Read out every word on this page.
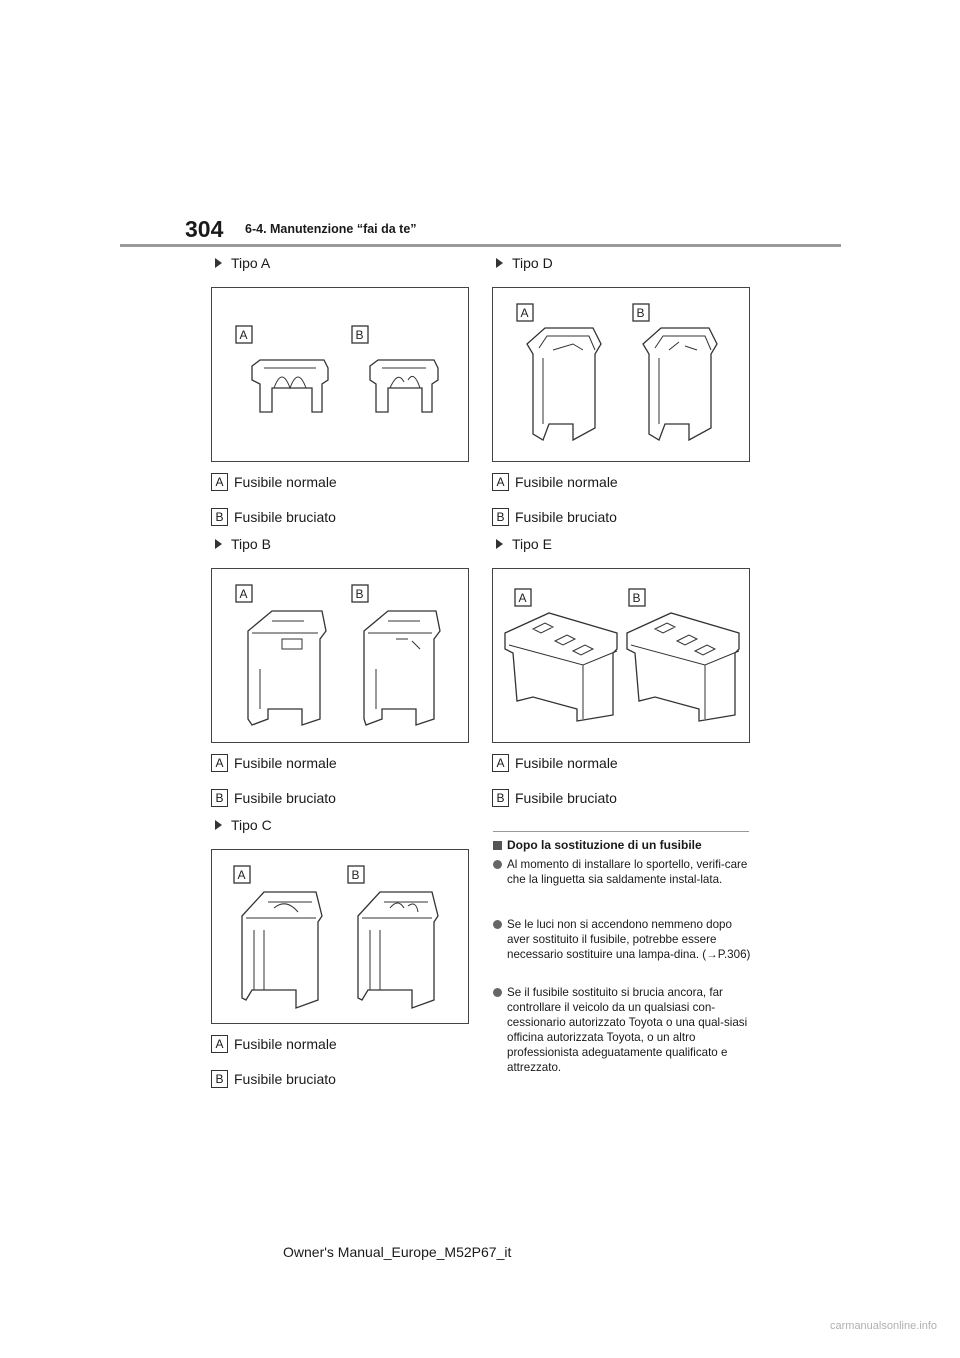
304 6-4. Manutenzione “fai da te”
Tipo A
A	B
A Fusibile normale
B Fusibile bruciato
Tipo B
A	B
A Fusibile normale
B Fusibile bruciato
Tipo C
A	B
A Fusibile normale
B Fusibile bruciato
Tipo D
A	B
A Fusibile normale
B Fusibile bruciato
Tipo E
A	B
A Fusibile normale
B Fusibile bruciato
Dopo la sostituzione di un fusibile
Al momento di installare lo sportello, verifi-care che la linguetta sia saldamente instal-lata.
Se le luci non si accendono nemmeno dopo aver sostituito il fusibile, potrebbe essere necessario sostituire una lampa-dina. (→P.306)
Se il fusibile sostituito si brucia ancora, far controllare il veicolo da un qualsiasi con-cessionario autorizzato Toyota o una qual-siasi officina autorizzata Toyota, o un altro professionista adeguatamente qualificato e attrezzato.
Owner's Manual_Europe_M52P67_it
carmanualsonline.info
